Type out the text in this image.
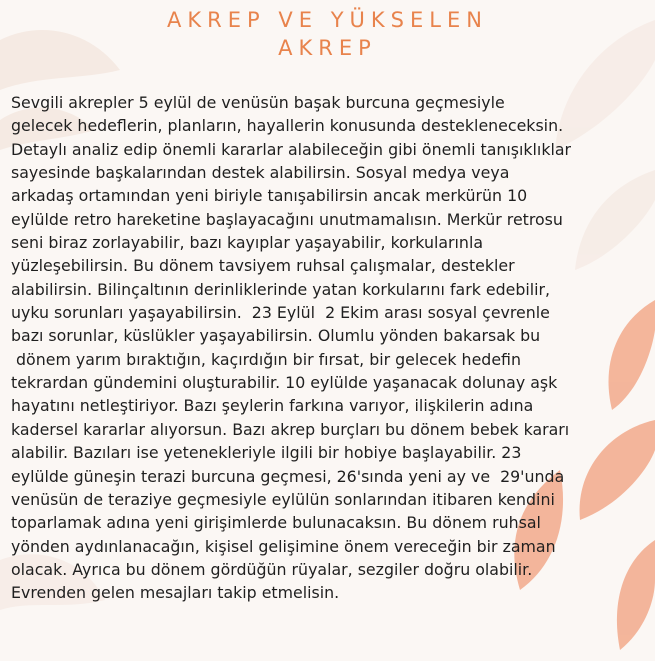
AKREP VE YÜKSELEN
AKREP
Sevgili akrepler 5 eylül de venüsün başak burcuna geçmesiyle
gelecek hedeflerin, planların, hayallerin konusunda destekleneceksin.
Detaylı analiz edip önemli kararlar alabileceğin gibi önemli tanışıklıklar
sayesinde başkalarından destek alabilirsin. Sosyal medya veya
arkadaş ortamından yeni biriyle tanışabilirsin ancak merkürün 10
eylülde retro hareketine başlayacağını unutmamalısın. Merkür retrosu
seni biraz zorlayabilir, bazı kayıplar yaşayabilir, korkularınla
yüzleşebilirsin. Bu dönem tavsiyem ruhsal çalışmalar, destekler
alabilirsin. Bilinçaltının derinliklerinde yatan korkularını fark edebilir,
uyku sorunları yaşayabilirsin.  23 Eylül  2 Ekim arası sosyal çevrenle
bazı sorunlar, küslükler yaşayabilirsin. Olumlu yönden bakarsak bu
dönem yarım bıraktığın, kaçırdığın bir fırsat, bir gelecek hedefin
tekrardan gündemini oluşturabilir. 10 eylülde yaşanacak dolunay aşk
hayatını netleştiriyor. Bazı şeylerin farkına varıyor, ilişkilerin adına
kadersel kararlar alıyorsun. Bazı akrep burçları bu dönem bebek kararı
alabilir. Bazıları ise yetenekleriyle ilgili bir hobiye başlayabilir. 23
eylülde güneşin terazi burcuna geçmesi, 26'sında yeni ay ve  29'unda
venüsün de teraziye geçmesiyle eylülün sonlarından itibaren kendini
toparlamak adına yeni girişimlerde bulunacaksın. Bu dönem ruhsal
yönden aydınlanacağın, kişisel gelişimine önem vereceğin bir zaman
olacak. Ayrıca bu dönem gördüğün rüyalar, sezgiler doğru olabilir.
Evrenden gelen mesajları takip etmelisin.
